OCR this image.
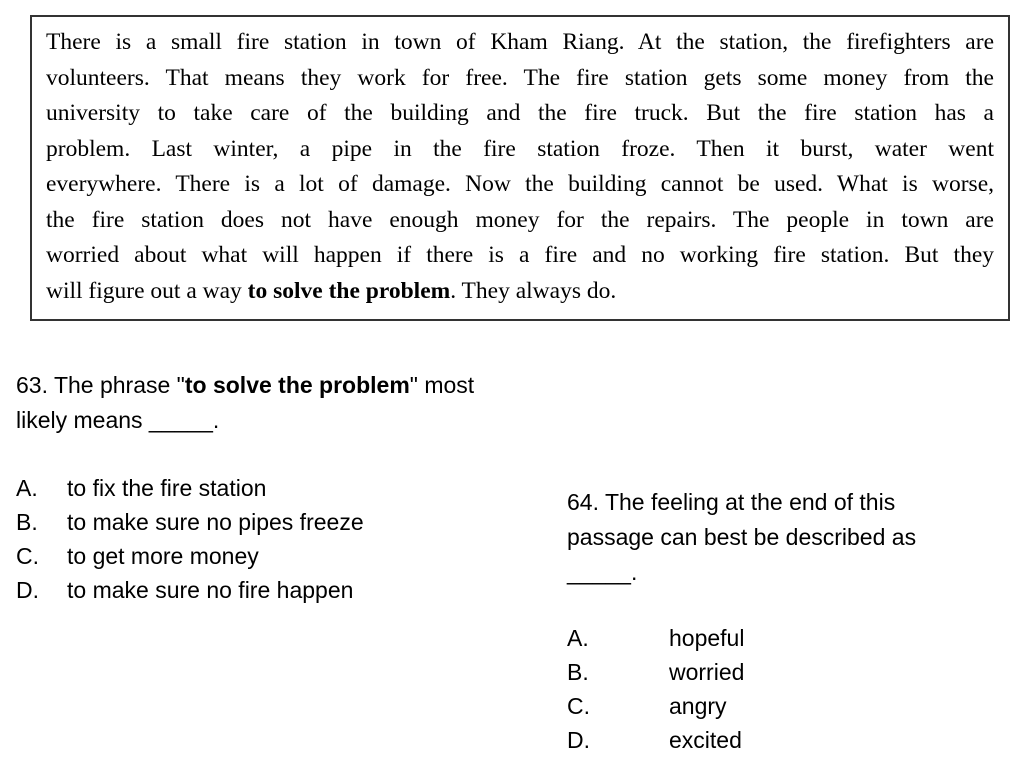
There is a small fire station in town of Kham Riang. At the station, the firefighters are
volunteers. That means they work for free. The fire station gets some money from the
university to take care of the building and the fire truck. But the fire station has a
problem. Last winter, a pipe in the fire station froze. Then it burst, water went
everywhere. There is a lot of damage. Now the building cannot be used. What is worse,
the fire station does not have enough money for the repairs. The people in town are
worried about what will happen if there is a fire and no working fire station. But they
will figure out a way to solve the problem. They always do.
63. The phrase "to solve the problem" most
likely means _____.
A. to fix the fire station
B. to make sure no pipes freeze
C. to get more money
D. to make sure no fire happen
64. The feeling at the end of this
passage can best be described as
_____.
A.	hopeful
B.	worried
C.	angry
D.	excited
